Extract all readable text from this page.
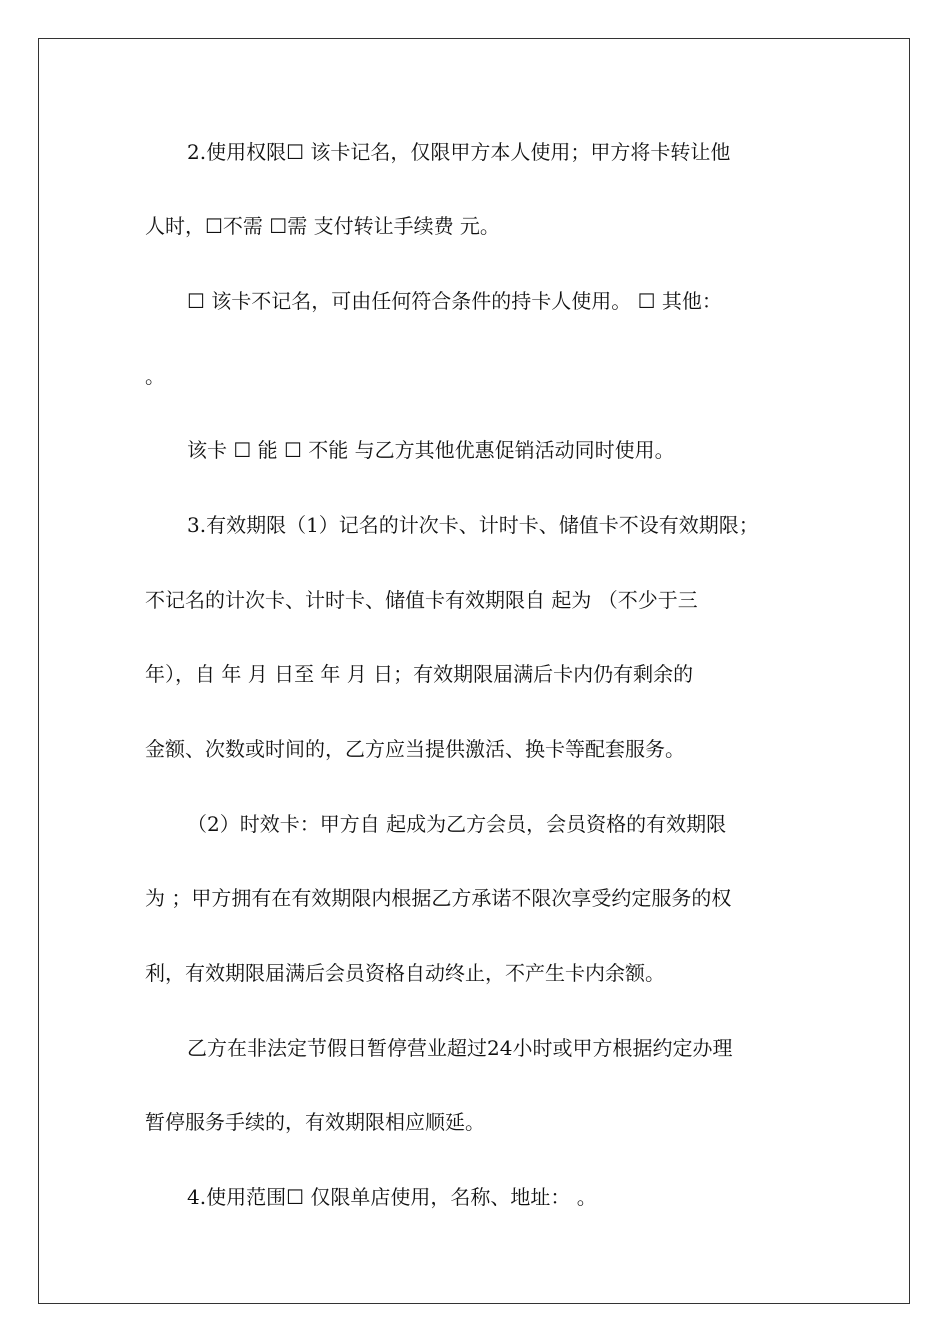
2.使用权限☐ 该卡记名，仅限甲方本人使用；甲方将卡转让他
人时，☐不需 ☐需 支付转让手续费 元。
☐ 该卡不记名，可由任何符合条件的持卡人使用。 ☐ 其他：
。
该卡 ☐ 能 ☐ 不能 与乙方其他优惠促销活动同时使用。
3.有效期限（1）记名的计次卡、计时卡、储值卡不设有效期限；
不记名的计次卡、计时卡、储值卡有效期限自 起为 （不少于三
年），自 年 月 日至 年 月 日；有效期限届满后卡内仍有剩余的
金额、次数或时间的，乙方应当提供激活、换卡等配套服务。
（2）时效卡：甲方自 起成为乙方会员，会员资格的有效期限
为 ；甲方拥有在有效期限内根据乙方承诺不限次享受约定服务的权
利，有效期限届满后会员资格自动终止，不产生卡内余额。
乙方在非法定节假日暂停营业超过24小时或甲方根据约定办理
暂停服务手续的，有效期限相应顺延。
4.使用范围☐ 仅限单店使用，名称、地址： 。
